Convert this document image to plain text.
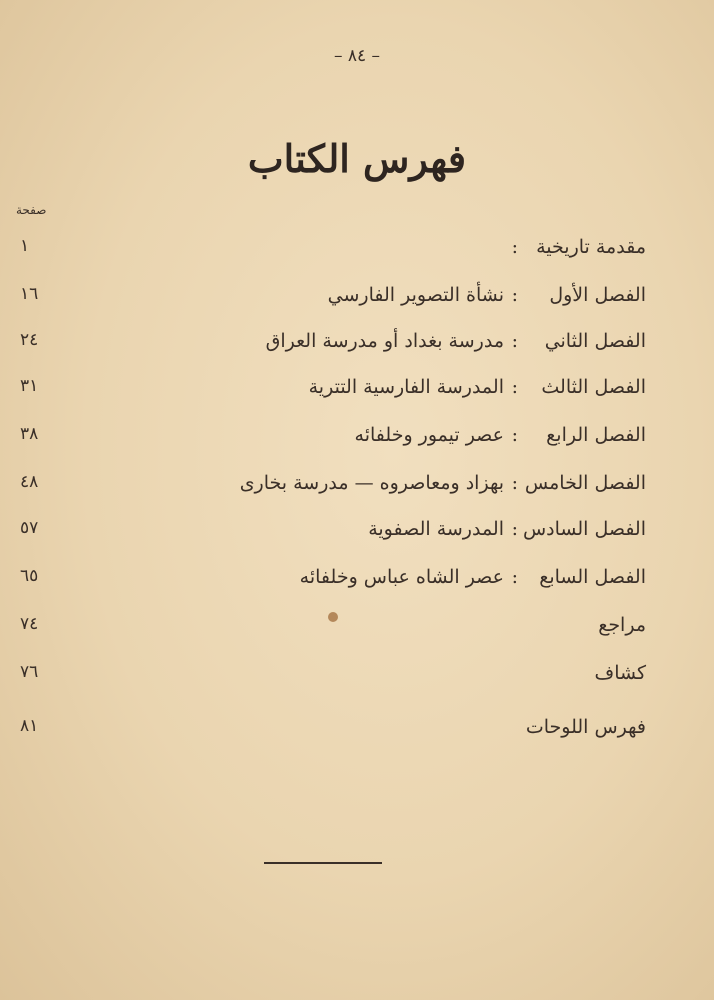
– ٨٤ –
فهرس الكتاب
صفحة
مقدمة تاريخية
:
١
الفصل الأول
:
نشأة التصوير الفارسي
١٦
الفصل الثاني
:
مدرسة بغداد أو مدرسة العراق
٢٤
الفصل الثالث
:
المدرسة الفارسية التترية
٣١
الفصل الرابع
:
عصر تيمور وخلفائه
٣٨
الفصل الخامس
:
بهزاد ومعاصروه — مدرسة بخارى
٤٨
الفصل السادس
:
المدرسة الصفوية
٥٧
الفصل السابع
:
عصر الشاه عباس وخلفائه
٦٥
مراجع
٧٤
كشاف
٧٦
فهرس اللوحات
٨١
